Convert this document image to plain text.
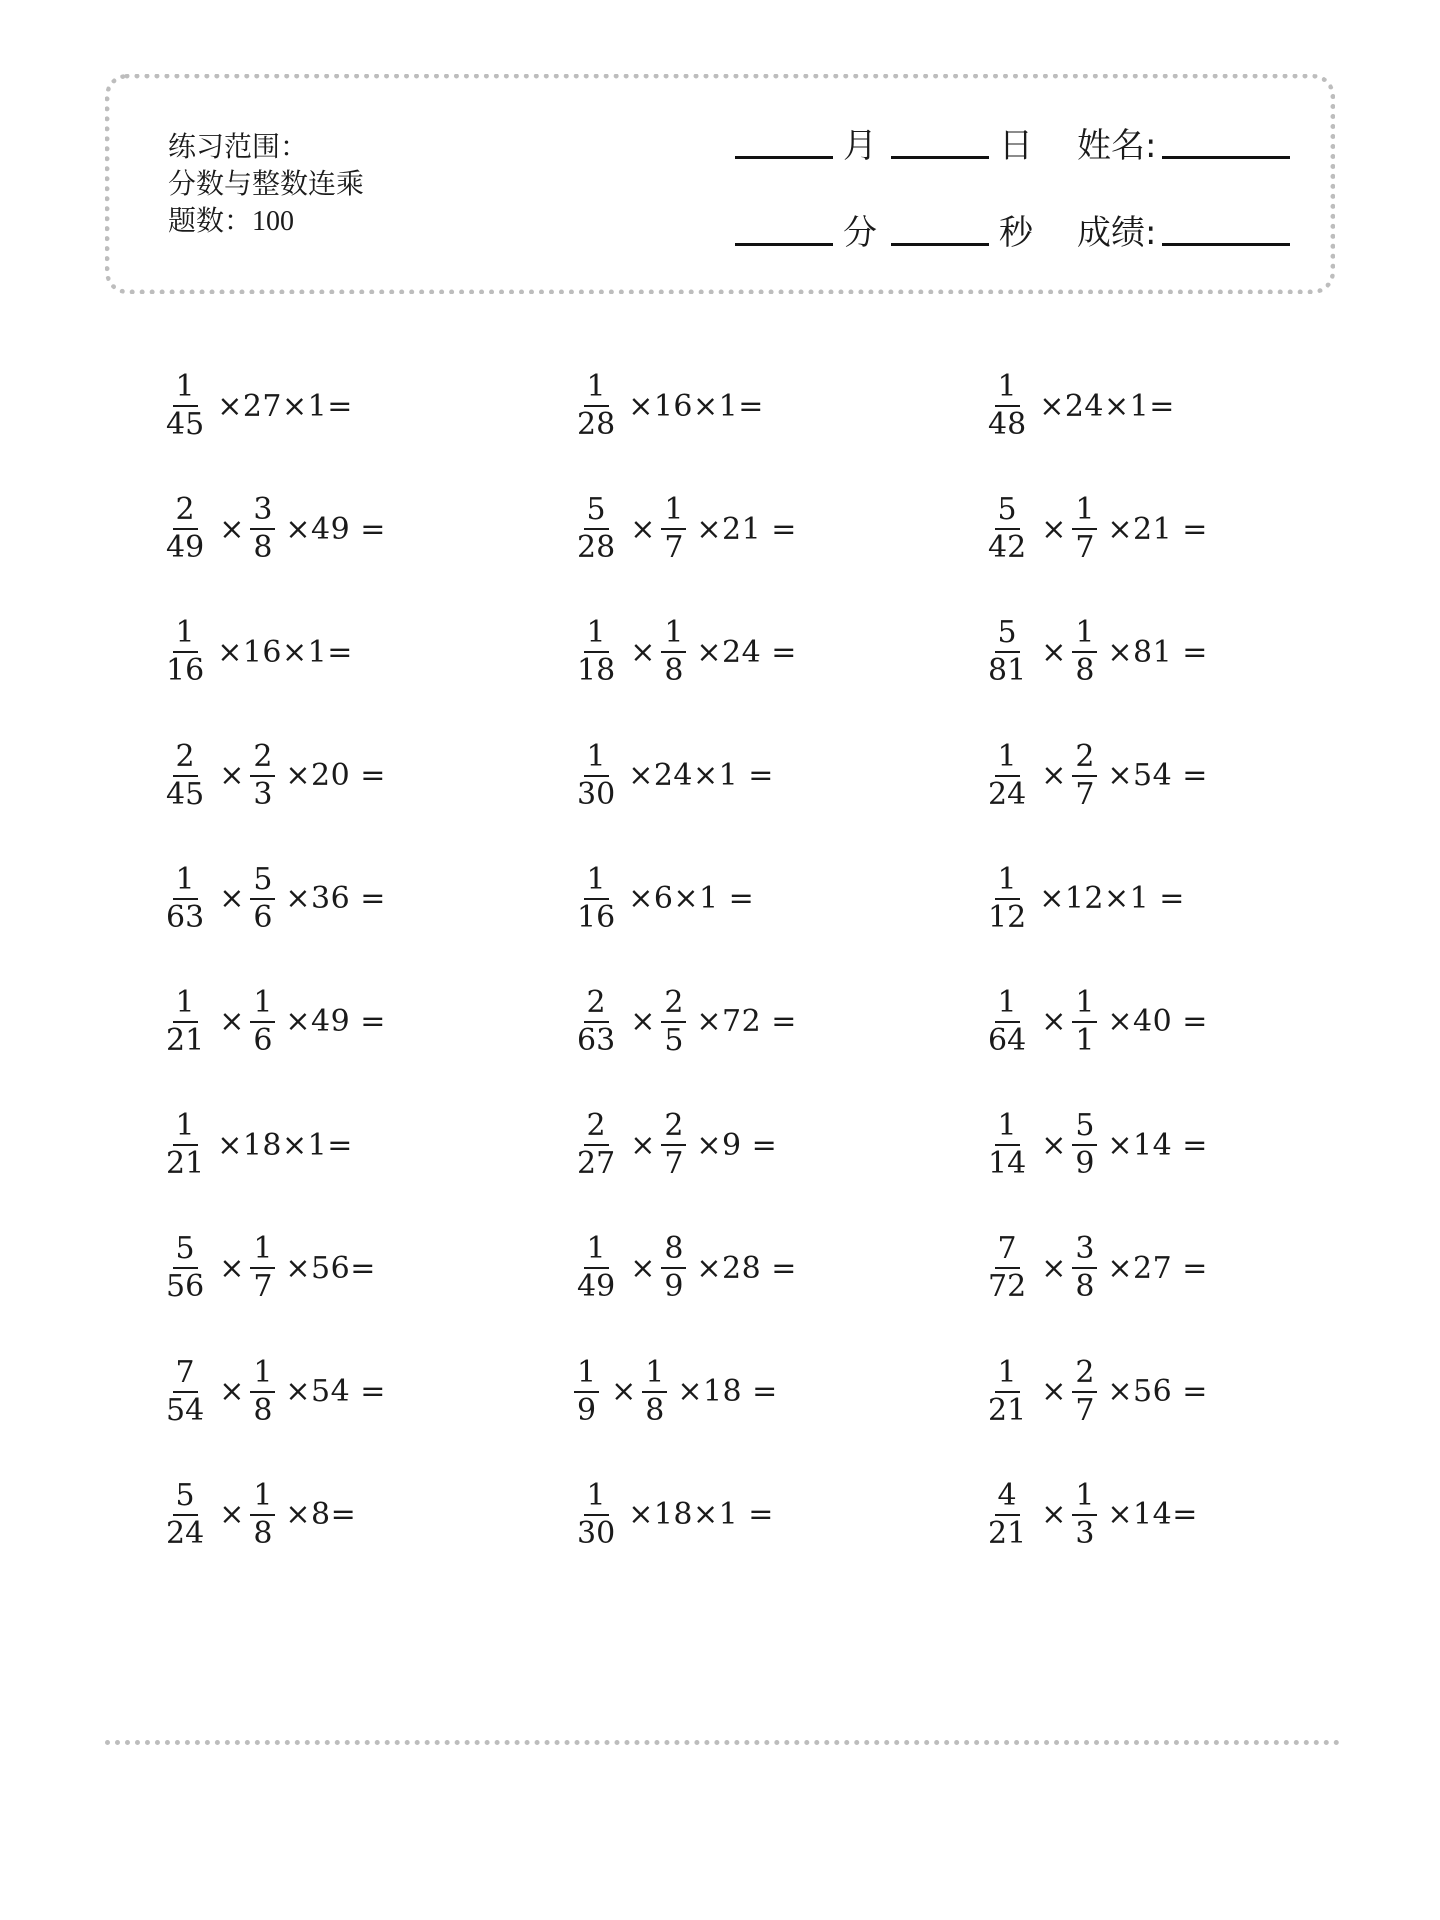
练习范围：
分数与整数连乘
题数：100
月	日 姓名:
分	秒 成绩:
$\frac{1}{45} \times 27\times 1=$	$\frac{1}{28} \times 16\times 1=$	$\frac{1}{48} \times 24\times 1=$
$\frac{2}{49} \times \frac{3}{8} \times 49$ =	$\frac{5}{28} \times \frac{1}{7} \times 21$ =	$\frac{5}{42} \times \frac{1}{7} \times 21$ =
$\frac{1}{16} \times 16\times 1=$	$\frac{1}{18} \times \frac{1}{8} \times 24$ =	$\frac{5}{81} \times \frac{1}{8} \times 81$ =
$\frac{2}{45} \times \frac{2}{3} \times 20$ =	$\frac{1}{30} \times 24\times 1$ =	$\frac{1}{24} \times \frac{2}{7} \times 54$ =
$\frac{1}{63} \times \frac{5}{6} \times 36$ =	$\frac{1}{16} \times 6\times 1$ =	$\frac{1}{12} \times 12\times 1$ =
$\frac{1}{21} \times \frac{1}{6} \times 49$ =	$\frac{2}{63} \times \frac{2}{5} \times 72$ =	$\frac{1}{64} \times \frac{1}{1} \times 40$ =
$\frac{1}{21} \times 18\times 1=$	$\frac{2}{27} \times \frac{2}{7} \times 9$ =	$\frac{1}{14} \times \frac{5}{9} \times 14$ =
$\frac{5}{56} \times \frac{1}{7} \times 56=$	$\frac{1}{49} \times \frac{8}{9} \times 28$ =	$\frac{7}{72} \times \frac{3}{8} \times 27$ =
$\frac{7}{54} \times \frac{1}{8} \times 54$ =	$\frac{1}{9} \times \frac{1}{8} \times 18$ =	$\frac{1}{21} \times \frac{2}{7} \times 56$ =
$\frac{5}{24} \times \frac{1}{8} \times 8=$	$\frac{1}{30} \times 18\times 1$ =	$\frac{4}{21} \times \frac{1}{3} \times 14=$
